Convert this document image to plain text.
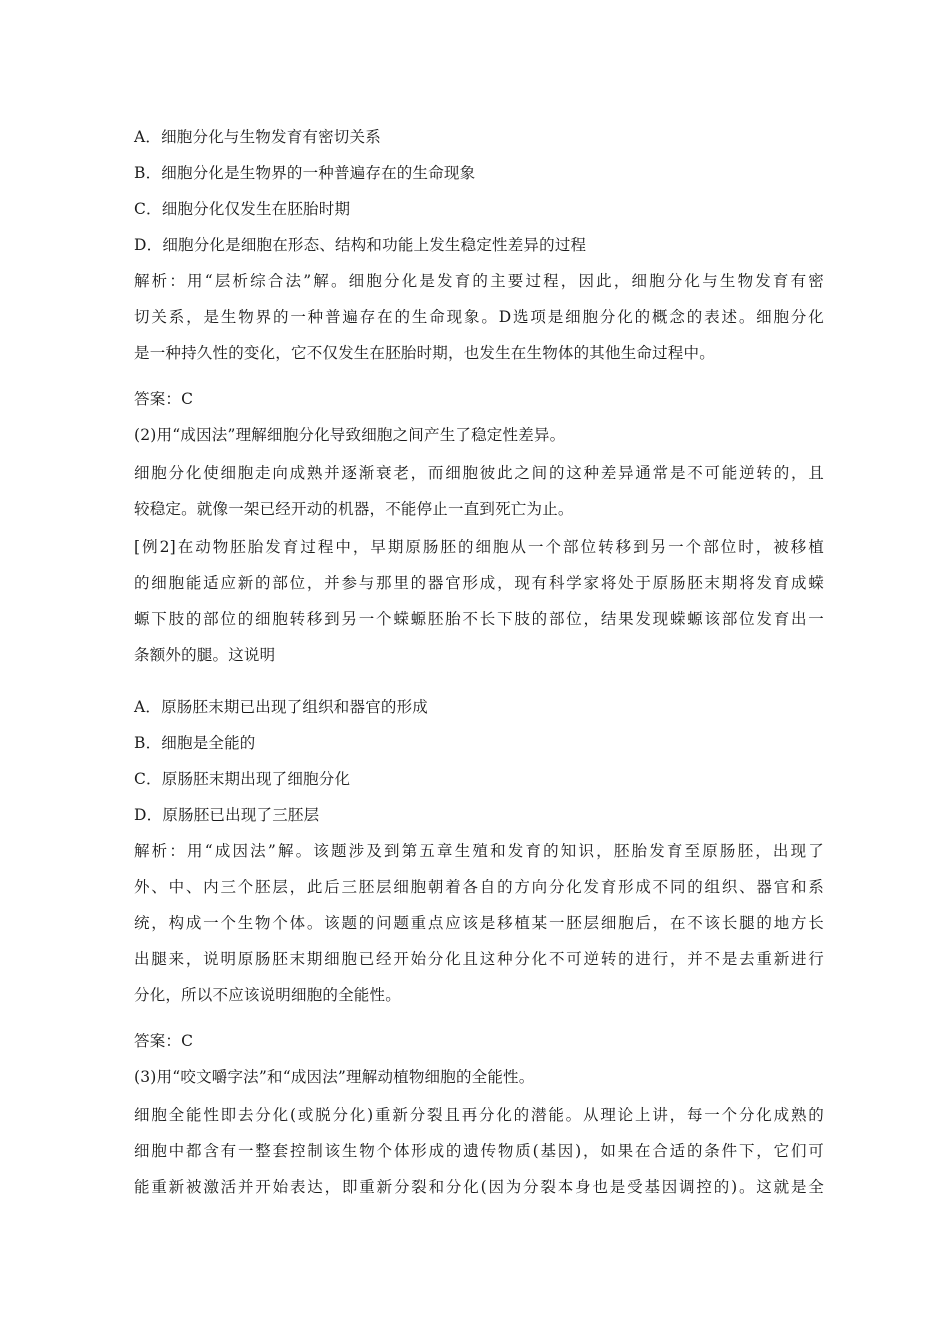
A．细胞分化与生物发育有密切关系
B．细胞分化是生物界的一种普遍存在的生命现象
C．细胞分化仅发生在胚胎时期
D．细胞分化是细胞在形态、结构和功能上发生稳定性差异的过程
解析：用“层析综合法”解。细胞分化是发育的主要过程，因此，细胞分化与生物发育有密
切关系，是生物界的一种普遍存在的生命现象。D选项是细胞分化的概念的表述。细胞分化
是一种持久性的变化，它不仅发生在胚胎时期，也发生在生物体的其他生命过程中。
答案：C
(2)用“成因法”理解细胞分化导致细胞之间产生了稳定性差异。
细胞分化使细胞走向成熟并逐渐衰老，而细胞彼此之间的这种差异通常是不可能逆转的，且
较稳定。就像一架已经开动的机器，不能停止一直到死亡为止。
[例2]在动物胚胎发育过程中，早期原肠胚的细胞从一个部位转移到另一个部位时，被移植
的细胞能适应新的部位，并参与那里的器官形成，现有科学家将处于原肠胚末期将发育成蝾
螈下肢的部位的细胞转移到另一个蝾螈胚胎不长下肢的部位，结果发现蝾螈该部位发育出一
条额外的腿。这说明
A．原肠胚末期已出现了组织和器官的形成
B．细胞是全能的
C．原肠胚末期出现了细胞分化
D．原肠胚已出现了三胚层
解析：用“成因法”解。该题涉及到第五章生殖和发育的知识，胚胎发育至原肠胚，出现了
外、中、内三个胚层，此后三胚层细胞朝着各自的方向分化发育形成不同的组织、器官和系
统，构成一个生物个体。该题的问题重点应该是移植某一胚层细胞后，在不该长腿的地方长
出腿来，说明原肠胚末期细胞已经开始分化且这种分化不可逆转的进行，并不是去重新进行
分化，所以不应该说明细胞的全能性。
答案：C
(3)用“咬文嚼字法”和“成因法”理解动植物细胞的全能性。
细胞全能性即去分化(或脱分化)重新分裂且再分化的潜能。从理论上讲，每一个分化成熟的
细胞中都含有一整套控制该生物个体形成的遗传物质(基因)，如果在合适的条件下，它们可
能重新被激活并开始表达，即重新分裂和分化(因为分裂本身也是受基因调控的)。这就是全
